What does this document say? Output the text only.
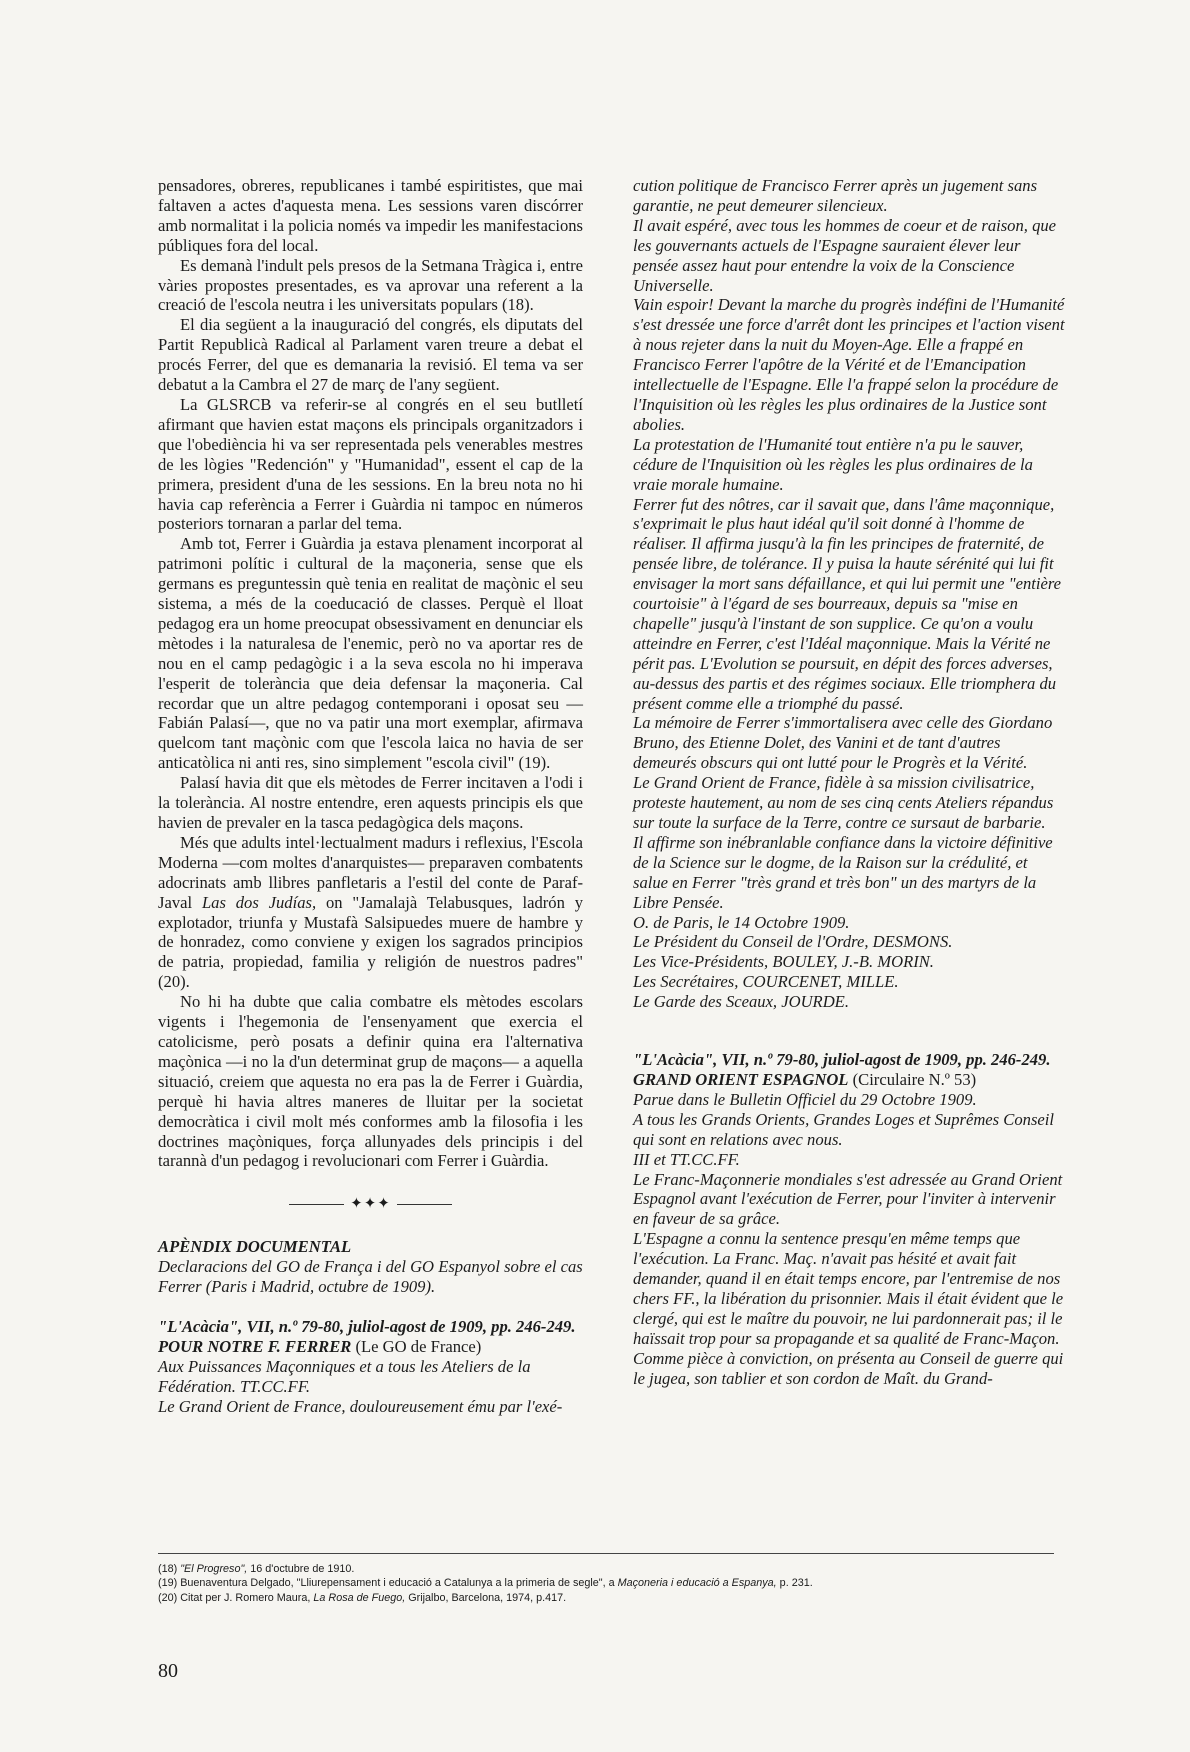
pensadores, obreres, republicanes i també espiritistes, que mai faltaven a actes d'aquesta mena. Les sessions varen discórrer amb normalitat i la policia només va impedir les manifestacions públiques fora del local.

Es demanà l'indult pels presos de la Setmana Tràgica i, entre vàries propostes presentades, es va aprovar una referent a la creació de l'escola neutra i les universitats populars (18).

El dia següent a la inauguració del congrés, els diputats del Partit Republicà Radical al Parlament varen treure a debat el procés Ferrer, del que es demanaria la revisió. El tema va ser debatut a la Cambra el 27 de març de l'any següent.

La GLSRCB va referir-se al congrés en el seu butlletí afirmant que havien estat maçons els principals organitzadors i que l'obediència hi va ser representada pels venerables mestres de les lògies "Redención" y "Humanidad", essent el cap de la primera, president d'una de les sessions. En la breu nota no hi havia cap referència a Ferrer i Guàrdia ni tampoc en números posteriors tornaran a parlar del tema.

Amb tot, Ferrer i Guàrdia ja estava plenament incorporat al patrimoni polític i cultural de la maçoneria, sense que els germans es preguntessin què tenia en realitat de maçònic el seu sistema, a més de la coeducació de classes. Perquè el lloat pedagog era un home preocupat obsessivament en denunciar els mètodes i la naturalesa de l'enemic, però no va aportar res de nou en el camp pedagògic i a la seva escola no hi imperava l'esperit de tolerància que deia defensar la maçoneria. Cal recordar que un altre pedagog contemporani i oposat seu —Fabián Palasí—, que no va patir una mort exemplar, afirmava quelcom tant maçònic com que l'escola laica no havia de ser anticatòlica ni anti res, sino simplement "escola civil" (19).

Palasí havia dit que els mètodes de Ferrer incitaven a l'odi i la tolerància. Al nostre entendre, eren aquests principis els que havien de prevaler en la tasca pedagògica dels maçons.

Més que adults intel·lectualment madurs i reflexius, l'Escola Moderna —com moltes d'anarquistes— preparaven combatents adocrinats amb llibres panfletaris a l'estil del conte de Paraf-Javal Las dos Judías, on "Jamalajà Telabusques, ladrón y explotador, triunfa y Mustafà Salsipuedes muere de hambre y de honradez, como conviene y exigen los sagrados principios de patria, propiedad, familia y religión de nuestros padres" (20).

No hi ha dubte que calia combatre els mètodes escolars vigents i l'hegemonia de l'ensenyament que exercia el catolicisme, però posats a definir quina era l'alternativa maçònica —i no la d'un determinat grup de maçons— a aquella situació, creiem que aquesta no era pas la de Ferrer i Guàrdia, perquè hi havia altres maneres de lluitar per la societat democràtica i civil molt més conformes amb la filosofia i les doctrines maçòniques, força allunyades dels principis i del tarannà d'un pedagog i revolucionari com Ferrer i Guàrdia.

✦✦✦

APÈNDIX DOCUMENTAL

Declaracions del GO de França i del GO Espanyol sobre el cas Ferrer (Paris i Madrid, octubre de 1909).

"L'Acàcia", VII, n.º 79-80, juliol-agost de 1909, pp. 246-249.

POUR NOTRE F. FERRER (Le GO de France)

Aux Puissances Maçonniques et a tous les Ateliers de la Fédération. TT.CC.FF.

Le Grand Orient de France, douloureusement ému par l'exé-

cution politique de Francisco Ferrer après un jugement sans garantie, ne peut demeurer silencieux.

Il avait espéré, avec tous les hommes de coeur et de raison, que les gouvernants actuels de l'Espagne sauraient élever leur pensée assez haut pour entendre la voix de la Conscience Universelle.

Vain espoir! Devant la marche du progrès indéfini de l'Humanité s'est dressée une force d'arrêt dont les principes et l'action visent à nous rejeter dans la nuit du Moyen-Age. Elle a frappé en Francisco Ferrer l'apôtre de la Vérité et de l'Emancipation intellectuelle de l'Espagne. Elle l'a frappé selon la procédure de l'Inquisition où les règles les plus ordinaires de la Justice sont abolies.

La protestation de l'Humanité tout entière n'a pu le sauver, cédure de l'Inquisition où les règles les plus ordinaires de la vraie morale humaine.

Ferrer fut des nôtres, car il savait que, dans l'âme maçonnique, s'exprimait le plus haut idéal qu'il soit donné à l'homme de réaliser. Il affirma jusqu'à la fin les principes de fraternité, de pensée libre, de tolérance. Il y puisa la haute sérénité qui lui fit envisager la mort sans défaillance, et qui lui permit une "entière courtoisie" à l'égard de ses bourreaux, depuis sa "mise en chapelle" jusqu'à l'instant de son supplice. Ce qu'on a voulu atteindre en Ferrer, c'est l'Idéal maçonnique. Mais la Vérité ne périt pas. L'Evolution se poursuit, en dépit des forces adverses, au-dessus des partis et des régimes sociaux. Elle triomphera du présent comme elle a triomphé du passé.

La mémoire de Ferrer s'immortalisera avec celle des Giordano Bruno, des Etienne Dolet, des Vanini et de tant d'autres demeurés obscurs qui ont lutté pour le Progrès et la Vérité.

Le Grand Orient de France, fidèle à sa mission civilisatrice, proteste hautement, au nom de ses cinq cents Ateliers répandus sur toute la surface de la Terre, contre ce sursaut de barbarie.

Il affirme son inébranlable confiance dans la victoire définitive de la Science sur le dogme, de la Raison sur la crédulité, et salue en Ferrer "très grand et très bon" un des martyrs de la Libre Pensée.

O. de Paris, le 14 Octobre 1909.

Le Président du Conseil de l'Ordre, DESMONS.

Les Vice-Présidents, BOULEY, J.-B. MORIN.

Les Secrétaires, COURCENET, MILLE.

Le Garde des Sceaux, JOURDE.

"L'Acàcia", VII, n.º 79-80, juliol-agost de 1909, pp. 246-249.

GRAND ORIENT ESPAGNOL (Circulaire N.º 53)

Parue dans le Bulletin Officiel du 29 Octobre 1909.

A tous les Grands Orients, Grandes Loges et Suprêmes Conseil qui sont en relations avec nous.

III et TT.CC.FF.

Le Franc-Maçonnerie mondiales s'est adressée au Grand Orient Espagnol avant l'exécution de Ferrer, pour l'inviter à intervenir en faveur de sa grâce.

L'Espagne a connu la sentence presqu'en même temps que l'exécution. La Franc. Maç. n'avait pas hésité et avait fait demander, quand il en était temps encore, par l'entremise de nos chers FF., la libération du prisonnier. Mais il était évident que le clergé, qui est le maître du pouvoir, ne lui pardonnerait pas; il le haïssait trop pour sa propagande et sa qualité de Franc-Maçon.

Comme pièce à conviction, on présenta au Conseil de guerre qui le jugea, son tablier et son cordon de Maît. du Grand-

(18) "El Progreso", 16 d'octubre de 1910.

(19) Buenaventura Delgado, "Lliurepensament i educació a Catalunya a la primeria de segle", a Maçoneria i educació a Espanya, p. 231.

(20) Citat per J. Romero Maura, La Rosa de Fuego, Grijalbo, Barcelona, 1974, p.417.

80
